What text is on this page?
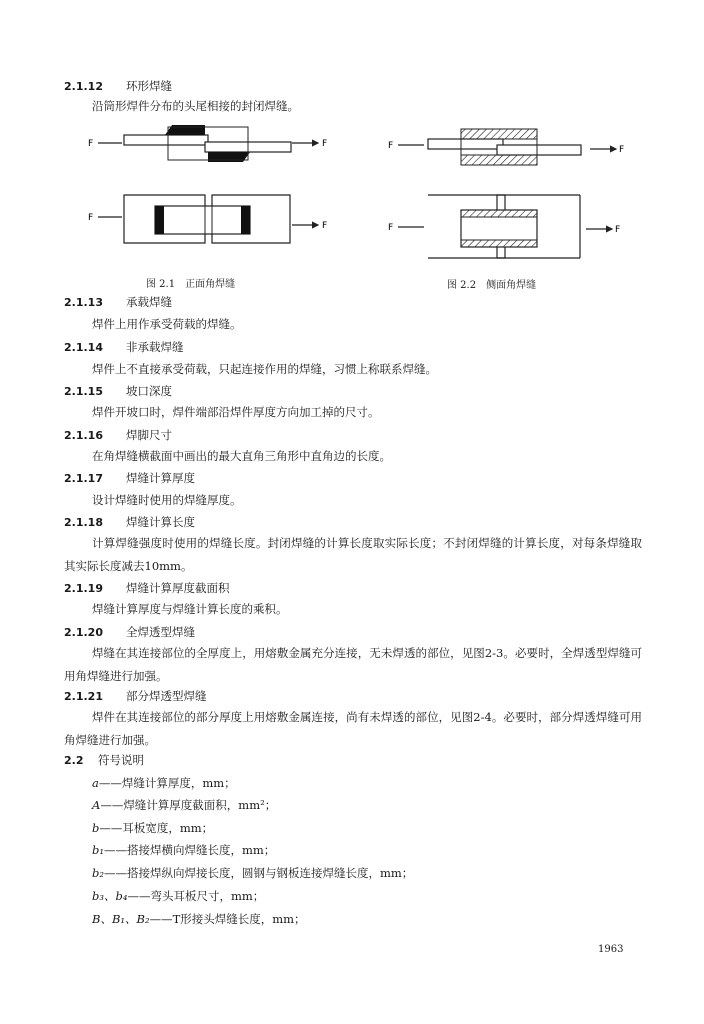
2.1.12 环形焊缝
沿筒形焊件分布的头尾相接的封闭焊缝。
F	F
F
F
F	F
F	F
图 2.1　正面角焊缝	图 2.2　侧面角焊缝
2.1.13 承载焊缝
焊件上用作承受荷载的焊缝。
2.1.14 非承载焊缝
焊件上不直接承受荷载，只起连接作用的焊缝，习惯上称联系焊缝。
2.1.15 坡口深度
焊件开坡口时，焊件端部沿焊件厚度方向加工掉的尺寸。
2.1.16 焊脚尺寸
在角焊缝横截面中画出的最大直角三角形中直角边的长度。
2.1.17 焊缝计算厚度
设计焊缝时使用的焊缝厚度。
2.1.18 焊缝计算长度
计算焊缝强度时使用的焊缝长度。封闭焊缝的计算长度取实际长度；不封闭焊缝的计算长度，对每条焊缝取其实际长度减去10mm。
2.1.19 焊缝计算厚度截面积
焊缝计算厚度与焊缝计算长度的乘积。
2.1.20 全焊透型焊缝
焊缝在其连接部位的全厚度上，用熔敷金属充分连接，无未焊透的部位，见图2-3。必要时，全焊透型焊缝可用角焊缝进行加强。
2.1.21 部分焊透型焊缝
焊件在其连接部位的部分厚度上用熔敷金属连接，尚有未焊透的部位，见图2-4。必要时，部分焊透焊缝可用角焊缝进行加强。
2.2 符号说明
a——焊缝计算厚度，mm；
A——焊缝计算厚度截面积，mm²；
b——耳板宽度，mm；
b₁——搭接焊横向焊缝长度，mm；
b₂——搭接焊纵向焊接长度，圆钢与钢板连接焊缝长度，mm；
b₃、b₄——弯头耳板尺寸，mm；
B、B₁、B₂——T形接头焊缝长度，mm；
1963
